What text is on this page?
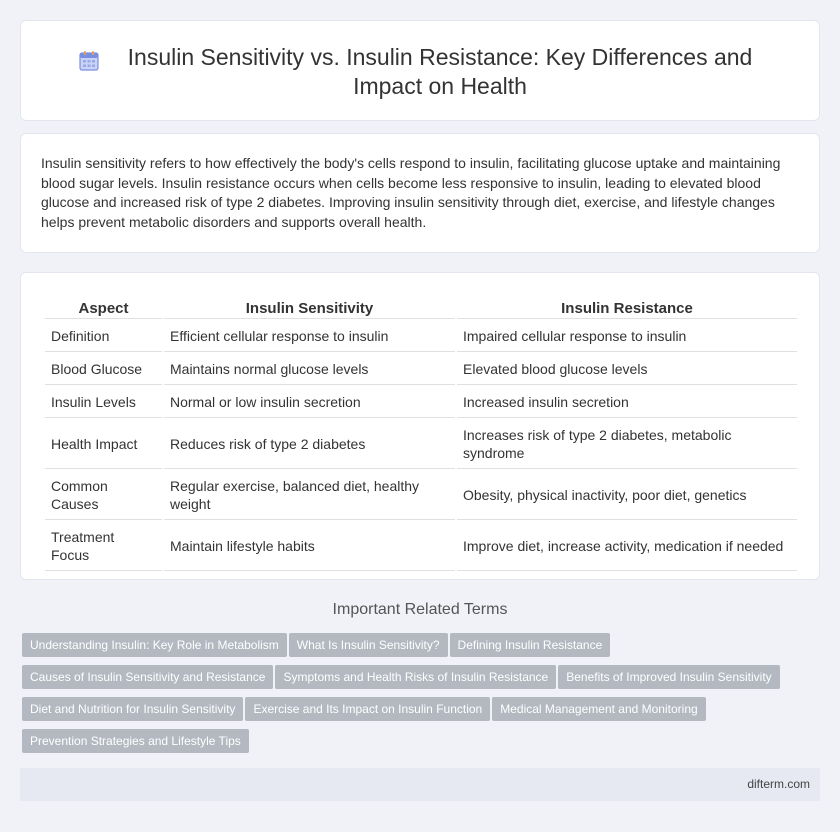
Insulin Sensitivity vs. Insulin Resistance: Key Differences and Impact on Health

Insulin sensitivity refers to how effectively the body's cells respond to insulin, facilitating glucose uptake and maintaining blood sugar levels. Insulin resistance occurs when cells become less responsive to insulin, leading to elevated blood glucose and increased risk of type 2 diabetes. Improving insulin sensitivity through diet, exercise, and lifestyle changes helps prevent metabolic disorders and supports overall health.

Aspect	Insulin Sensitivity	Insulin Resistance
Definition	Efficient cellular response to insulin	Impaired cellular response to insulin
Blood Glucose	Maintains normal glucose levels	Elevated blood glucose levels
Insulin Levels	Normal or low insulin secretion	Increased insulin secretion
Health Impact	Reduces risk of type 2 diabetes	Increases risk of type 2 diabetes, metabolic syndrome
Common Causes	Regular exercise, balanced diet, healthy weight	Obesity, physical inactivity, poor diet, genetics
Treatment Focus	Maintain lifestyle habits	Improve diet, increase activity, medication if needed
Important Related Terms
Understanding Insulin: Key Role in Metabolism What Is Insulin Sensitivity? Defining Insulin Resistance
Causes of Insulin Sensitivity and Resistance Symptoms and Health Risks of Insulin Resistance Benefits of Improved Insulin Sensitivity
Diet and Nutrition for Insulin Sensitivity Exercise and Its Impact on Insulin Function Medical Management and Monitoring
Prevention Strategies and Lifestyle Tips
difterm.com
